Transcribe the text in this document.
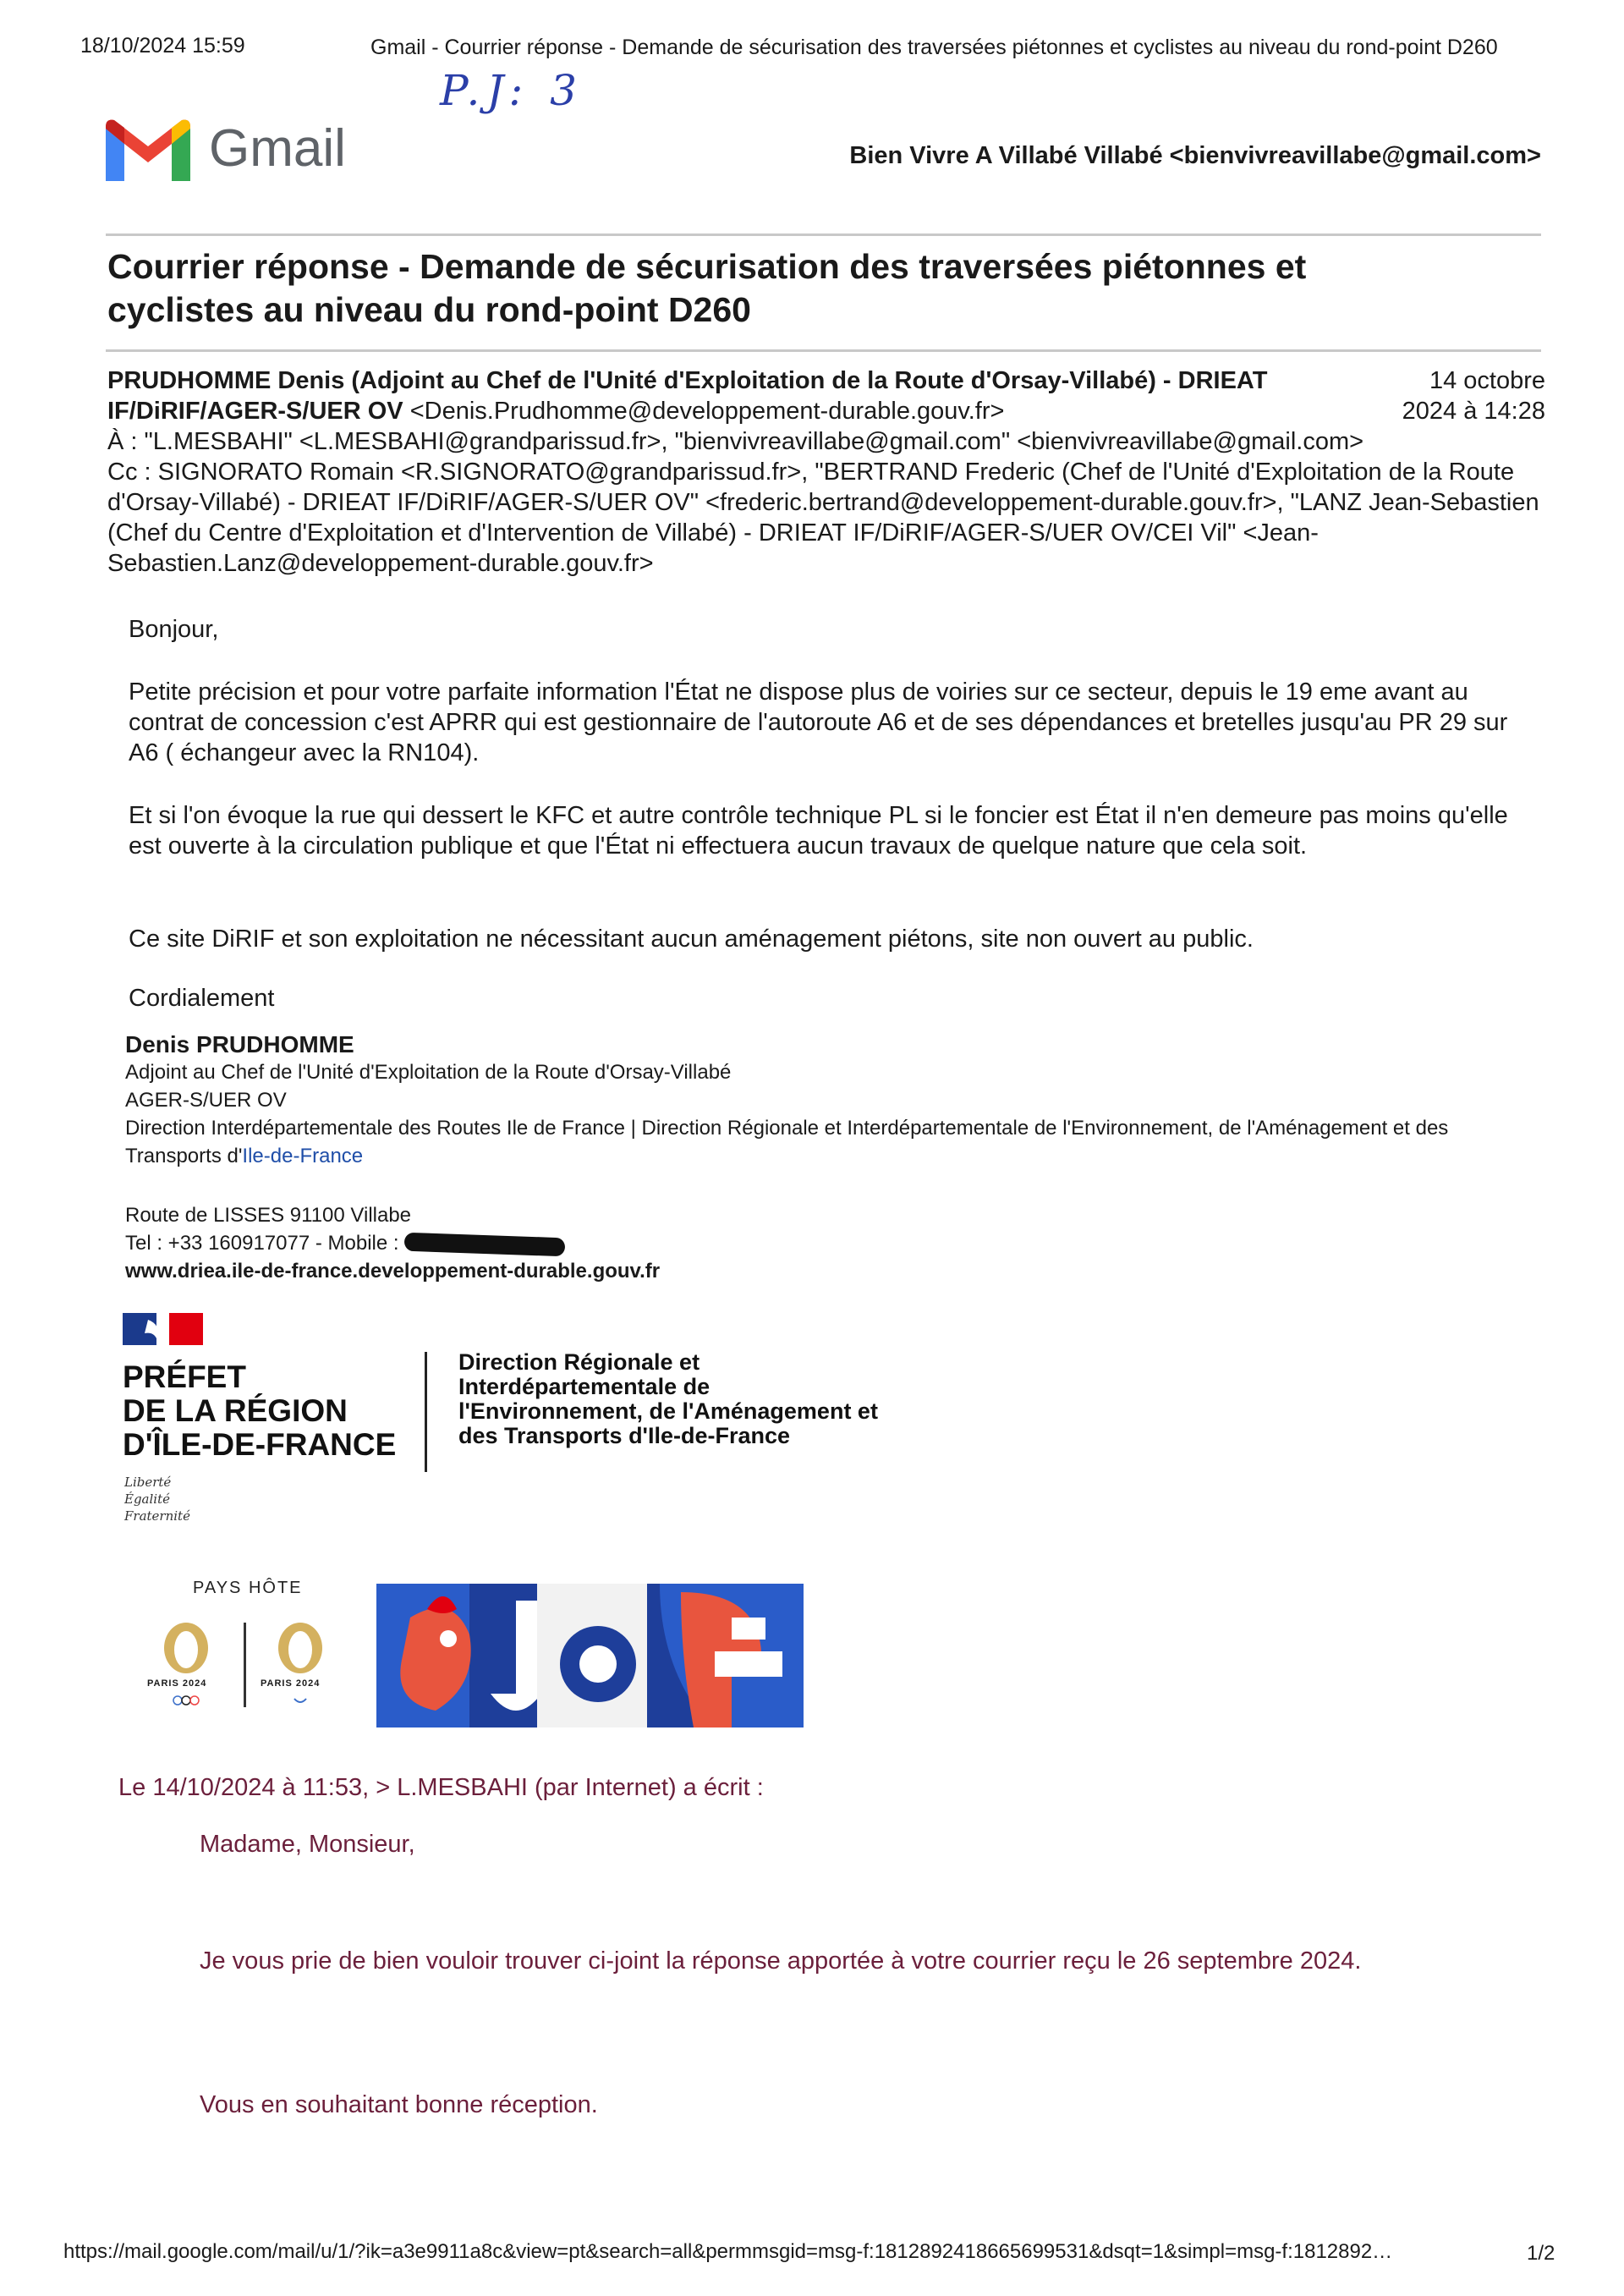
18/10/2024 15:59	Gmail - Courrier réponse - Demande de sécurisation des traversées piétonnes et cyclistes au niveau du rond-point D260
P.J: 3
Gmail	Bien Vivre A Villabé Villabé <bienvivreavillabe@gmail.com>
Courrier réponse - Demande de sécurisation des traversées piétonnes et cyclistes au niveau du rond-point D260
14 octobre 2024 à 14:28
PRUDHOMME Denis (Adjoint au Chef de l'Unité d'Exploitation de la Route d'Orsay-Villabé) - DRIEAT IF/DiRIF/AGER-S/UER OV <Denis.Prudhomme@developpement-durable.gouv.fr>
À : "L.MESBAHI" <L.MESBAHI@grandparissud.fr>, "bienvivreavillabe@gmail.com" <bienvivreavillabe@gmail.com>
Cc : SIGNORATO Romain <R.SIGNORATO@grandparissud.fr>, "BERTRAND Frederic (Chef de l'Unité d'Exploitation de la Route d'Orsay-Villabé) - DRIEAT IF/DiRIF/AGER-S/UER OV" <frederic.bertrand@developpement-durable.gouv.fr>, "LANZ Jean-Sebastien (Chef du Centre d'Exploitation et d'Intervention de Villabé) - DRIEAT IF/DiRIF/AGER-S/UER OV/CEI Vil" <Jean-Sebastien.Lanz@developpement-durable.gouv.fr>
Bonjour,
Petite précision et pour votre parfaite information l'État ne dispose plus de voiries sur ce secteur, depuis le 19 eme avant au contrat de concession c'est APRR qui est gestionnaire de l'autoroute A6 et de ses dépendances et bretelles jusqu'au PR 29 sur A6 ( échangeur avec la RN104).
Et si l'on évoque la rue qui dessert le KFC et autre contrôle technique PL si le foncier est État il n'en demeure pas moins qu'elle est ouverte à la circulation publique et que l'État ni effectuera aucun travaux de quelque nature que cela soit.
Ce site DiRIF et son exploitation ne nécessitant aucun aménagement piétons, site non ouvert au public.
Cordialement
Denis PRUDHOMME
Adjoint au Chef de l'Unité d'Exploitation de la Route d'Orsay-Villabé
AGER-S/UER OV
Direction Interdépartementale des Routes Ile de France | Direction Régionale et Interdépartementale de l'Environnement, de l'Aménagement et des Transports d'Ile-de-France
Route de LISSES 91100 Villabe
Tel : +33 160917077 - Mobile :
www.driea.ile-de-france.developpement-durable.gouv.fr
PRÉFET
DE LA RÉGION
D'ÎLE-DE-FRANCE
Liberté
Égalité
Fraternité
Direction Régionale et Interdépartementale de l'Environnement, de l'Aménagement et des Transports d'Ile-de-France
PAYS HÔTE
PARIS 2024	PARIS 2024
Le 14/10/2024 à 11:53, > L.MESBAHI (par Internet) a écrit :
Madame, Monsieur,
Je vous prie de bien vouloir trouver ci-joint la réponse apportée à votre courrier reçu le 26 septembre 2024.
Vous en souhaitant bonne réception.
https://mail.google.com/mail/u/1/?ik=a3e9911a8c&view=pt&search=all&permmsgid=msg-f:1812892418665699531&dsqt=1&simpl=msg-f:1812892…	1/2
